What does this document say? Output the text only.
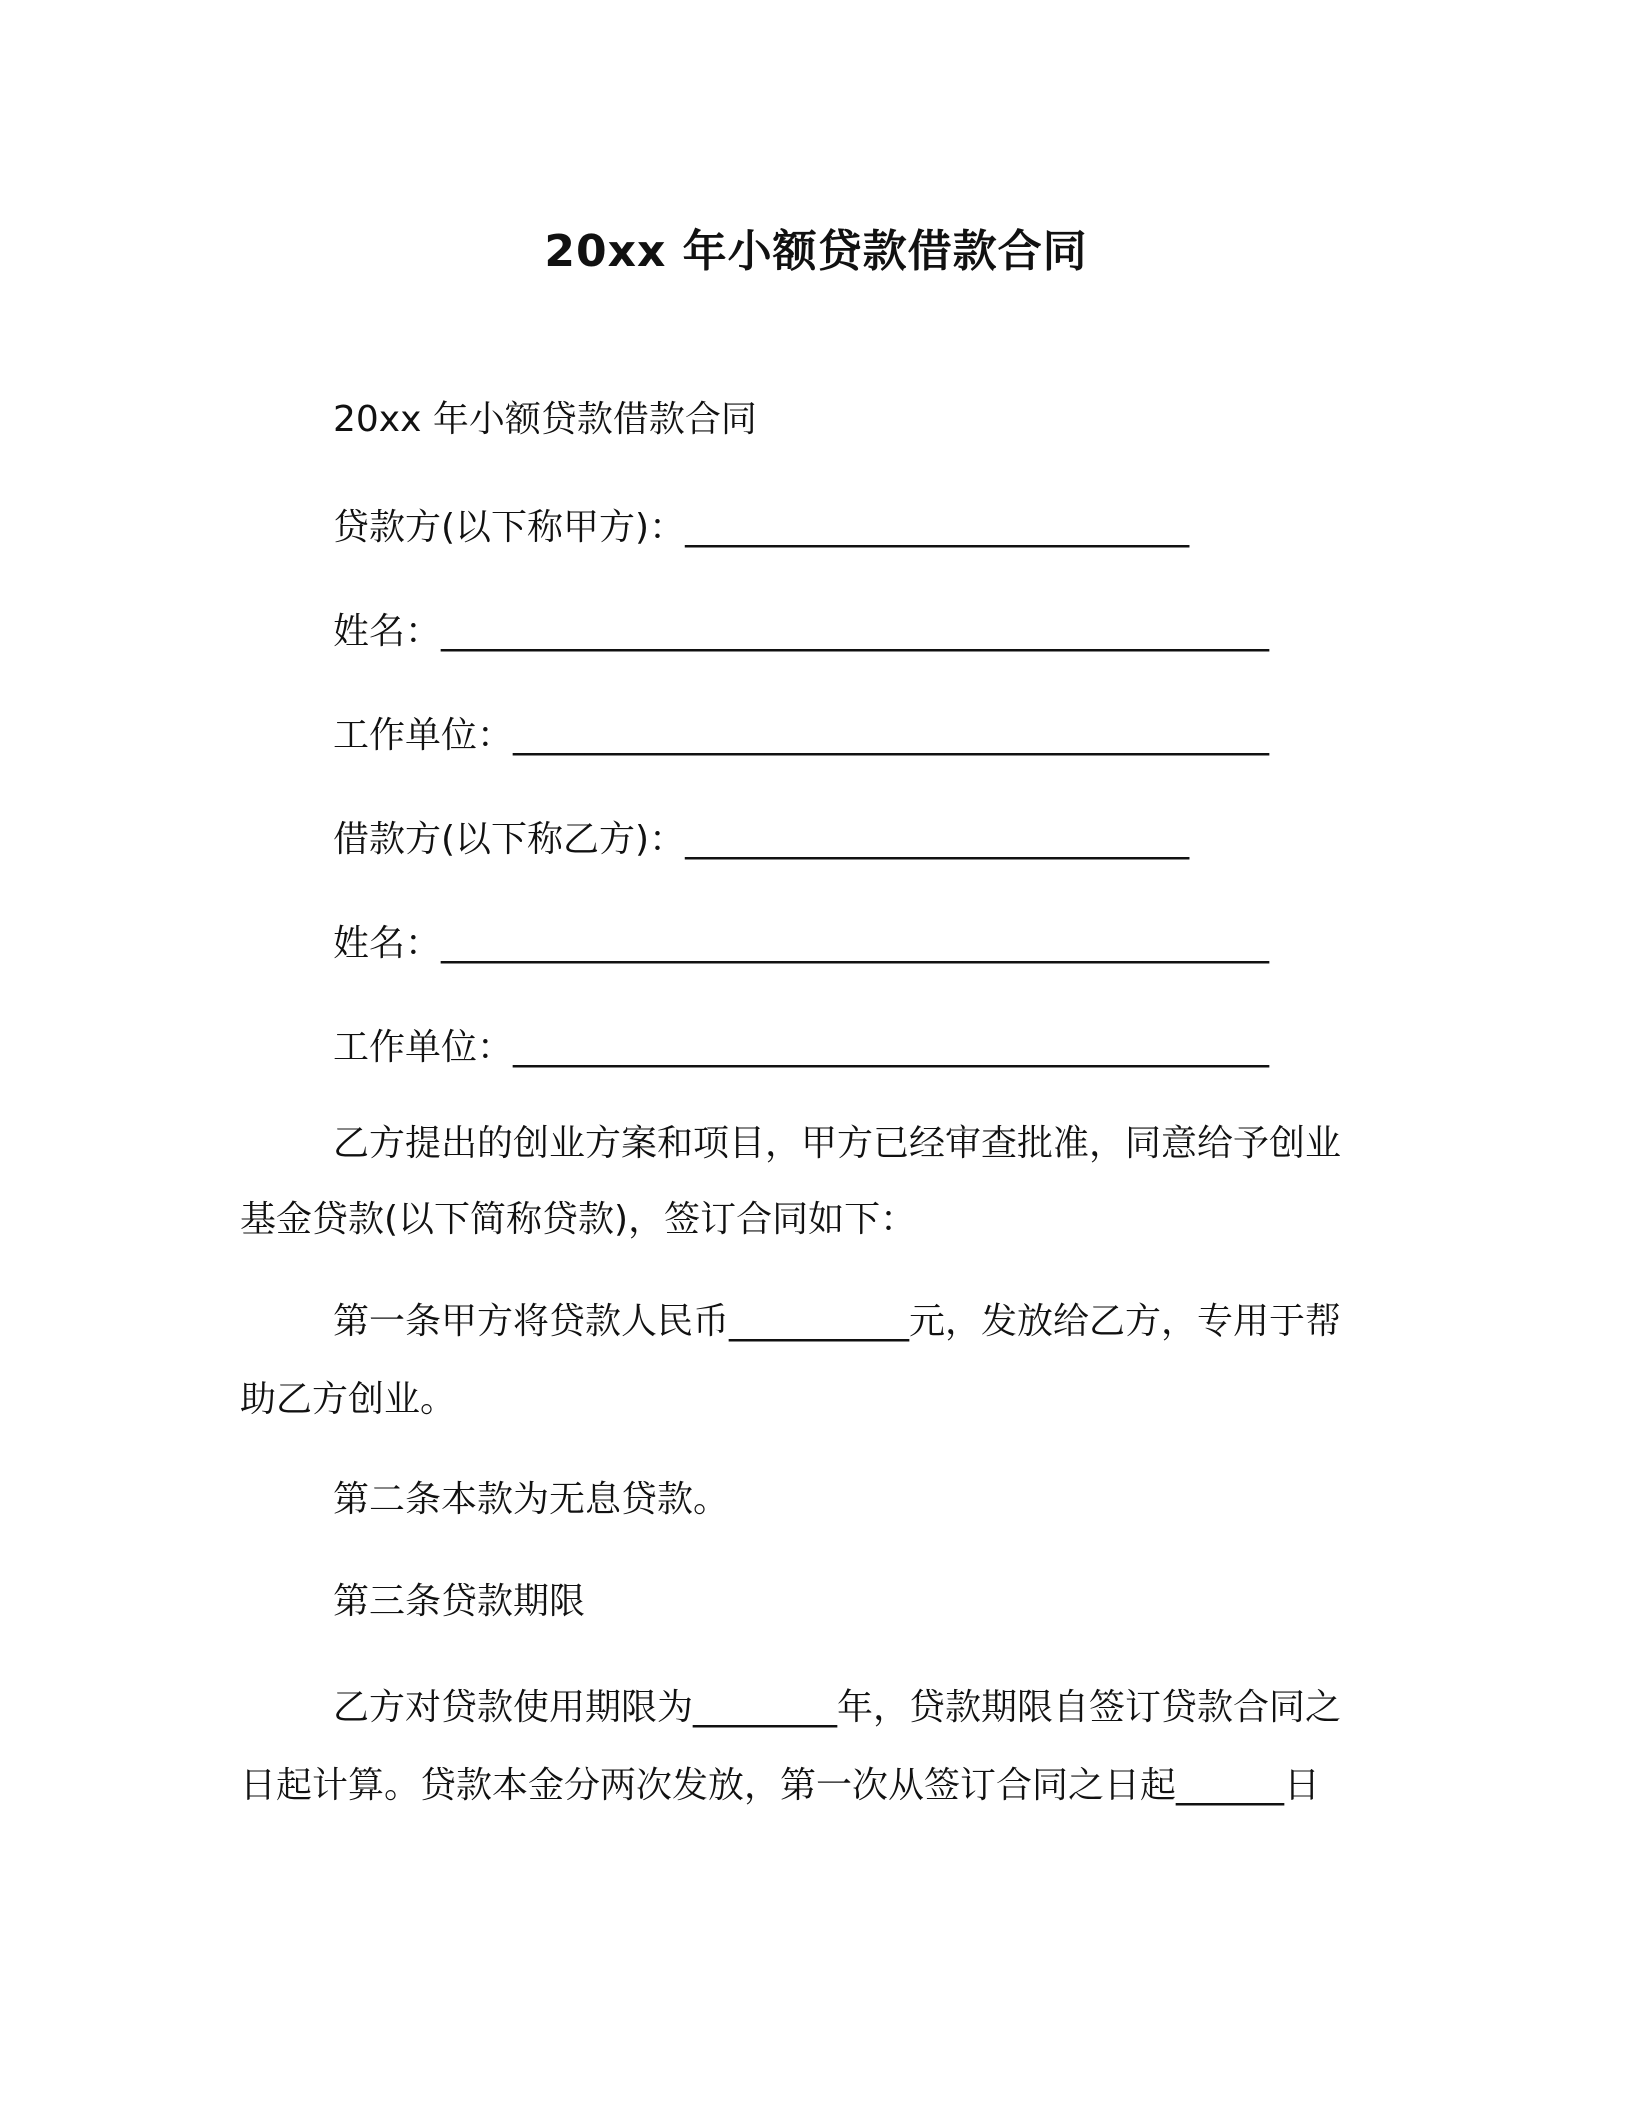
20xx 年小额贷款借款合同
20xx 年小额贷款借款合同
贷款方(以下称甲方)：____________________________
姓名：______________________________________________
工作单位：__________________________________________
借款方(以下称乙方)：____________________________
姓名：______________________________________________
工作单位：__________________________________________
乙方提出的创业方案和项目，甲方已经审查批准，同意给予创业
基金贷款(以下简称贷款)，签订合同如下：
第一条甲方将贷款人民币__________元，发放给乙方，专用于帮
助乙方创业。
第二条本款为无息贷款。
第三条贷款期限
乙方对贷款使用期限为________年，贷款期限自签订贷款合同之
日起计算。贷款本金分两次发放，第一次从签订合同之日起______日
